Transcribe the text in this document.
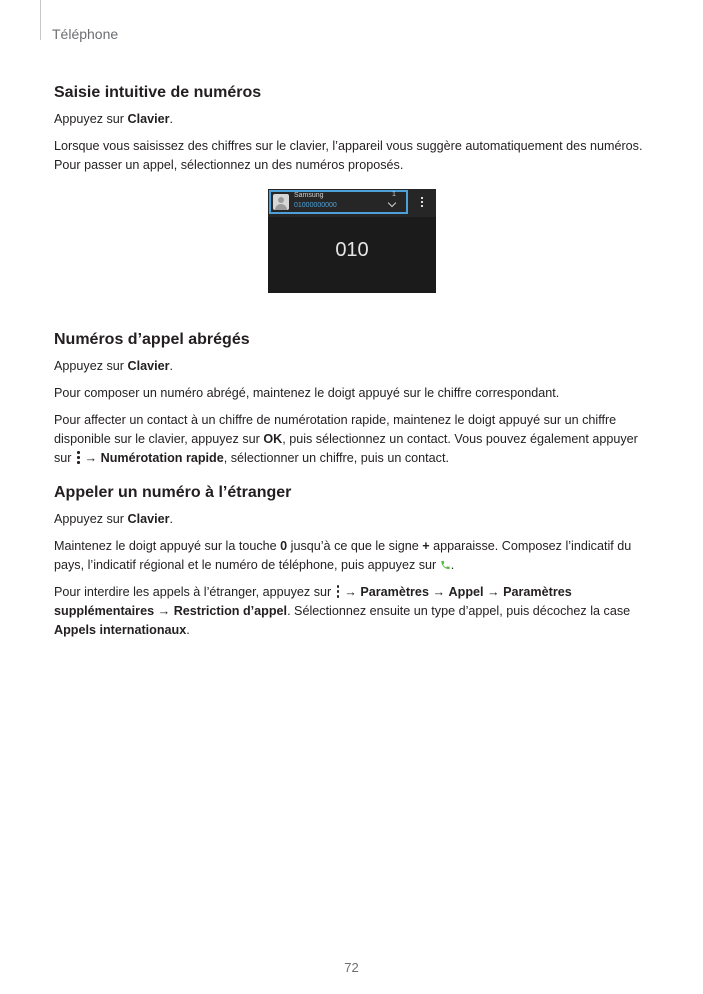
Téléphone
Saisie intuitive de numéros

Appuyez sur Clavier.

Lorsque vous saisissez des chiffres sur le clavier, l’appareil vous suggère automatiquement des numéros. Pour passer un appel, sélectionnez un des numéros proposés.

Samsung
01000000000
1
010
Numéros d’appel abrégés

Appuyez sur Clavier.

Pour composer un numéro abrégé, maintenez le doigt appuyé sur le chiffre correspondant.

Pour affecter un contact à un chiffre de numérotation rapide, maintenez le doigt appuyé sur un chiffre disponible sur le clavier, appuyez sur OK, puis sélectionnez un contact. Vous pouvez également appuyer sur  → Numérotation rapide, sélectionner un chiffre, puis un contact.

Appeler un numéro à l’étranger

Appuyez sur Clavier.

Maintenez le doigt appuyé sur la touche 0 jusqu’à ce que le signe + apparaisse. Composez l’indicatif du pays, l’indicatif régional et le numéro de téléphone, puis appuyez sur .

Pour interdire les appels à l’étranger, appuyez sur  → Paramètres → Appel → Paramètres supplémentaires → Restriction d’appel. Sélectionnez ensuite un type d’appel, puis décochez la case Appels internationaux.

72
